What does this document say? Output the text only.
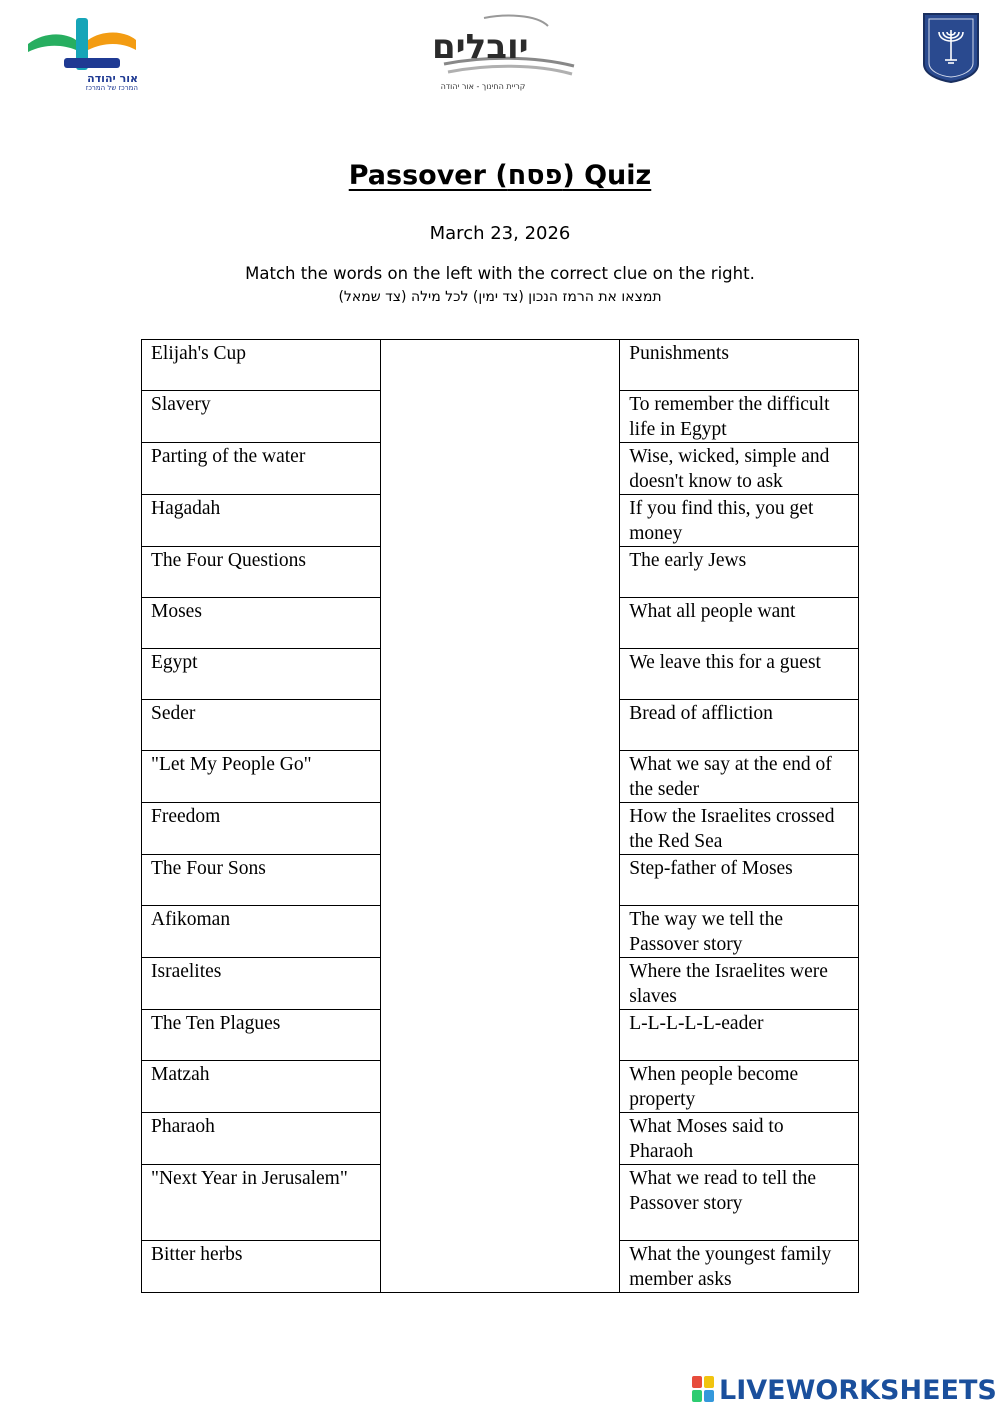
אור יהודה
המרכז של המרכז
יובלים
קריית החינוך - אור יהודה
Passover (פסח) Quiz
March 23, 2026
Match the words on the left with the correct clue on the right.
תמצאו את הרמז הנכון (צד ימין) לכל מילה (צד שמאל)
Elijah's Cup		Punishments
Slavery		To remember the difficult life in Egypt
Parting of the water		Wise, wicked, simple and doesn't know to ask
Hagadah		If you find this, you get money
The Four Questions		The early Jews
Moses		What all people want
Egypt		We leave this for a guest
Seder		Bread of affliction
"Let My People Go"		What we say at the end of the seder
Freedom		How the Israelites crossed the Red Sea
The Four Sons		Step-father of Moses
Afikoman		The way we tell the Passover story
Israelites		Where the Israelites were slaves
The Ten Plagues		L-L-L-L-L-eader
Matzah		When people become property
Pharaoh		What Moses said to Pharaoh
"Next Year in Jerusalem"		What we read to tell the Passover story
Bitter herbs		What the youngest family member asks
LIVEWORKSHEETS
